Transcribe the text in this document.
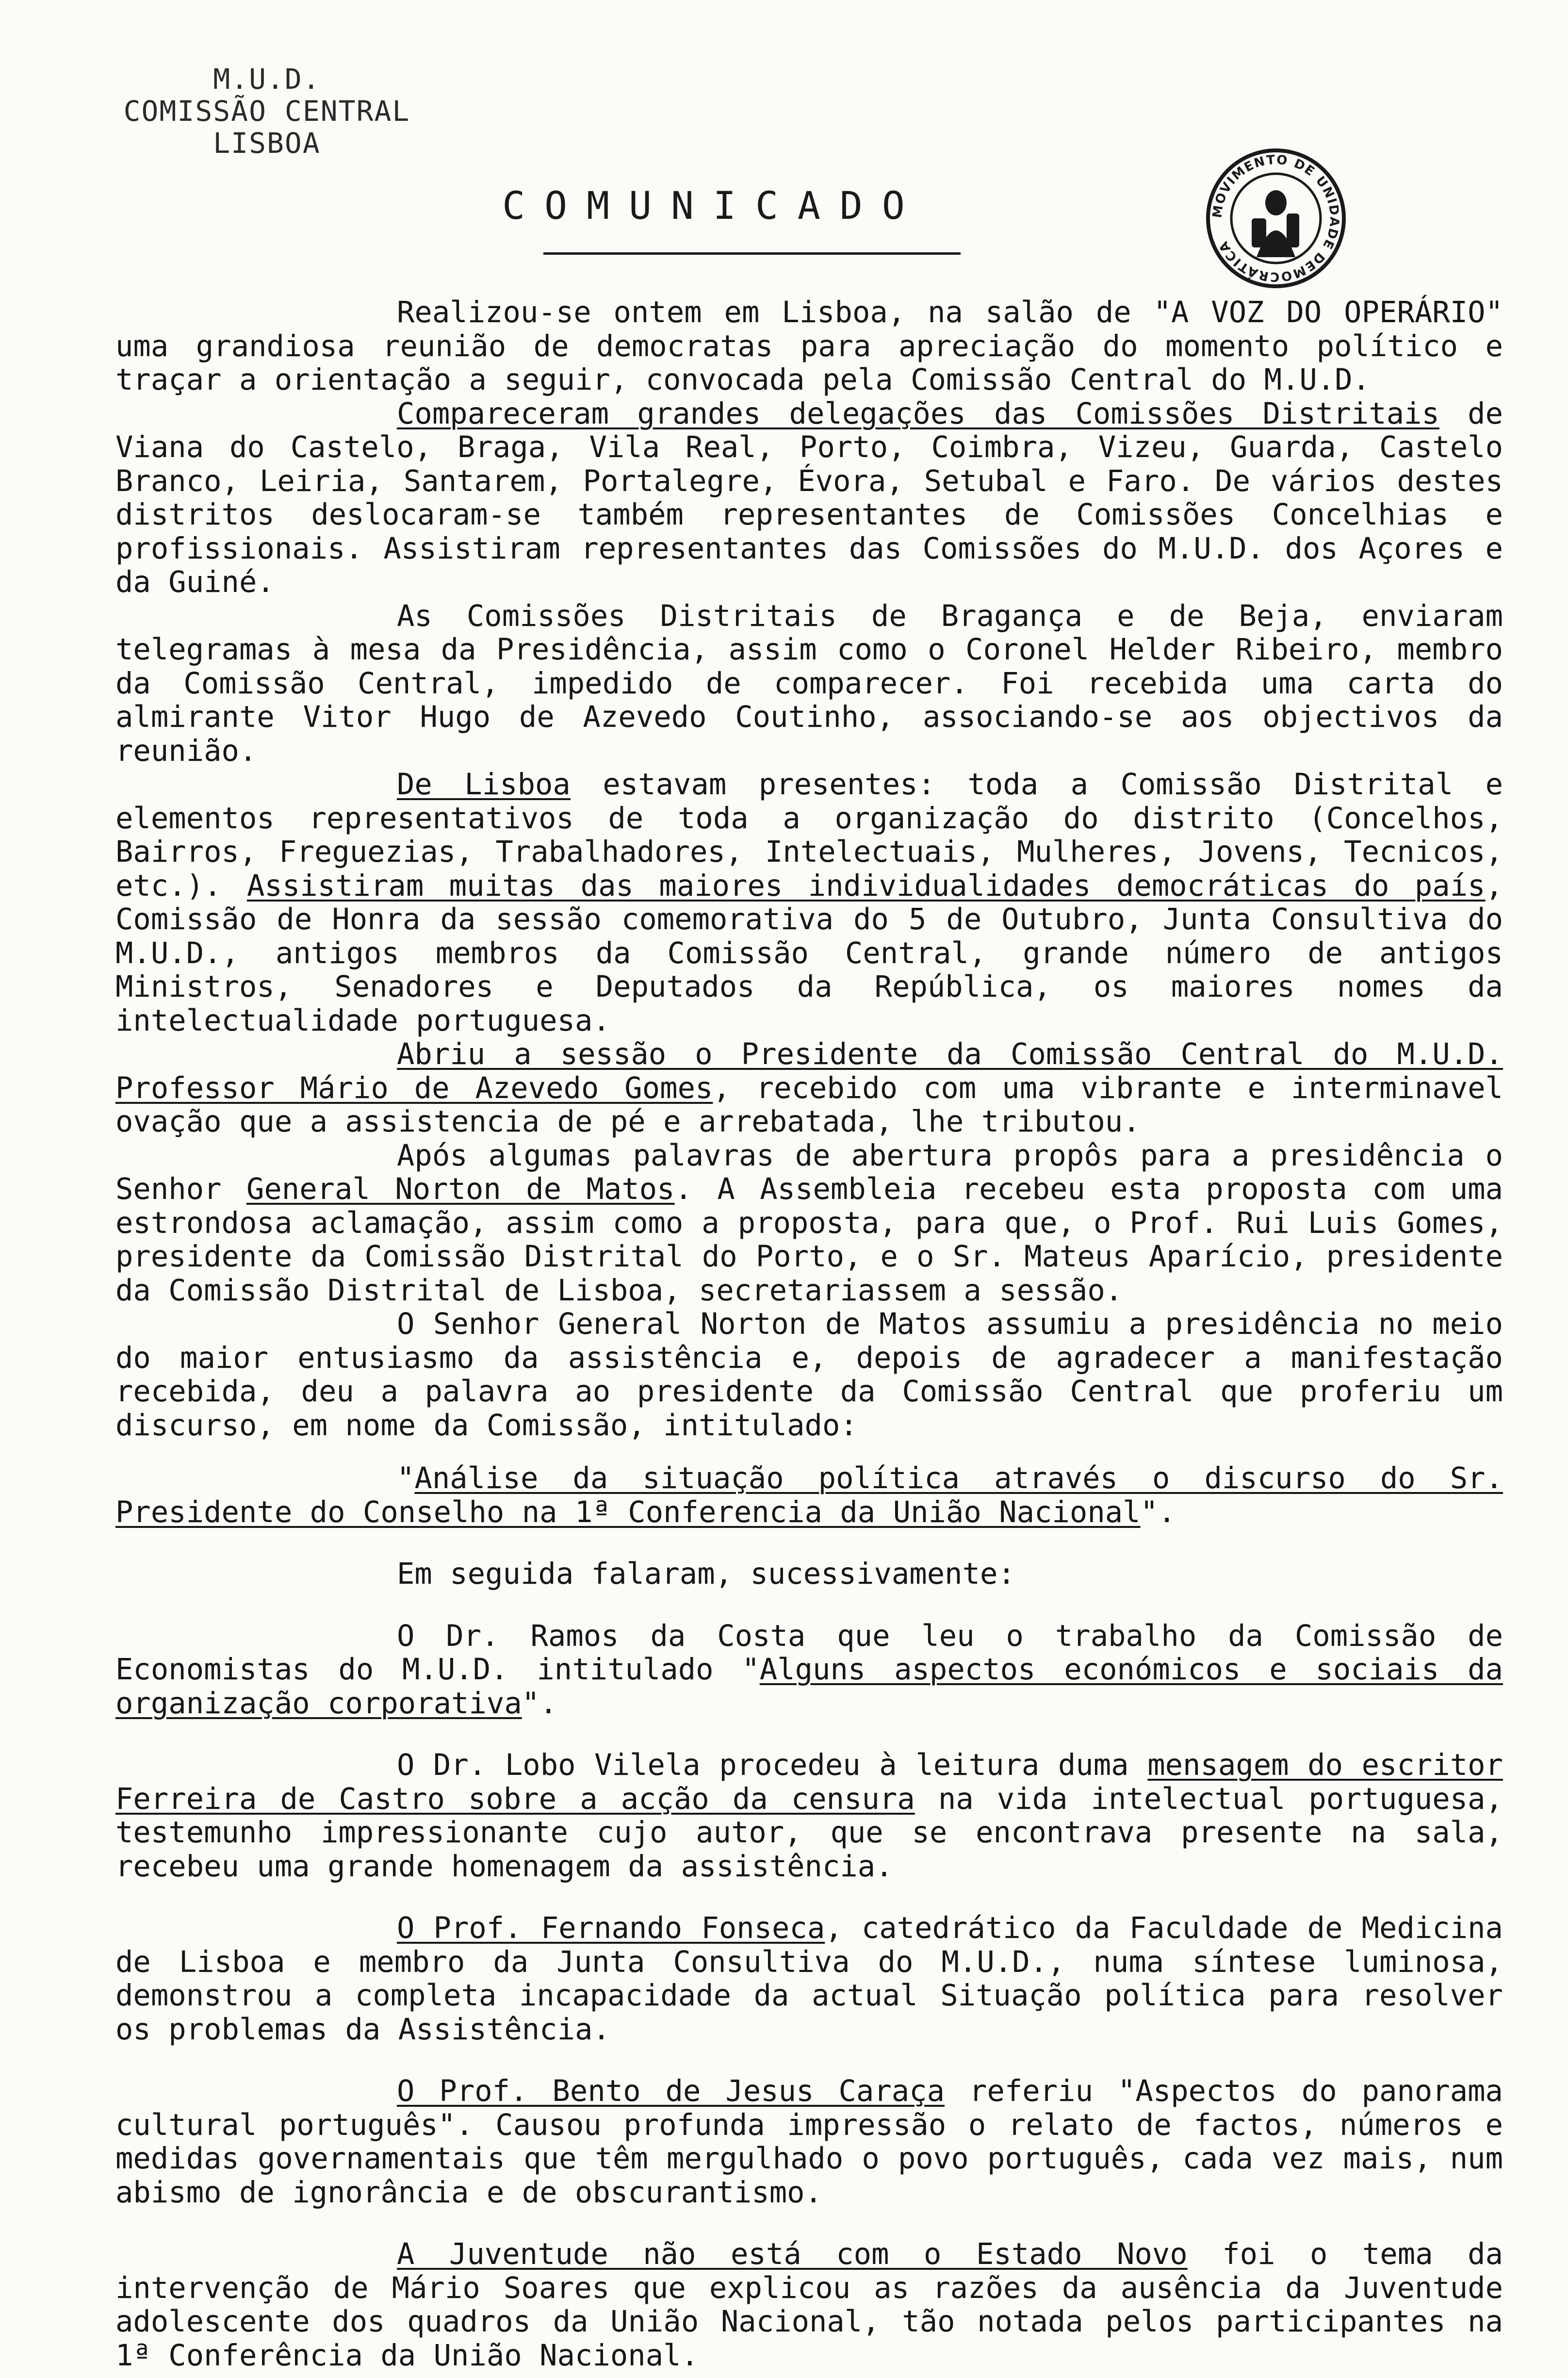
M.U.D.
COMISSÃO CENTRAL
LISBOA
COMUNICADO	MOVIMENTO DE UNIDADE DEMOCRÁTICA

Realizou-se ontem em Lisboa, na salão de "A VOZ DO OPERÁRIO" uma grandiosa reunião de democratas para apreciação do momento político e traçar a orientação a seguir, convocada pela Comissão Central do M.U.D.

Compareceram grandes delegações das Comissões Distritais de Viana do Castelo, Braga, Vila Real, Porto, Coimbra, Vizeu, Guarda, Castelo Branco, Leiria, Santarem, Portalegre, Évora, Setubal e Faro. De vários destes distritos deslocaram-se também representantes de Comissões Concelhias e profissionais. Assistiram representantes das Comissões do M.U.D. dos Açores e da Guiné.

As Comissões Distritais de Bragança e de Beja, enviaram telegramas à mesa da Presidência, assim como o Coronel Helder Ribeiro, membro da Comissão Central, impedido de comparecer. Foi recebida uma carta do almirante Vitor Hugo de Azevedo Coutinho, associando-se aos objectivos da reunião.

De Lisboa estavam presentes: toda a Comissão Distrital e elementos representativos de toda a organização do distrito (Concelhos, Bairros, Freguezias, Trabalhadores, Intelectuais, Mulheres, Jovens, Tecnicos, etc.). Assistiram muitas das maiores individualidades democráticas do país, Comissão de Honra da sessão comemorativa do 5 de Outubro, Junta Consultiva do M.U.D., antigos membros da Comissão Central, grande número de antigos Ministros, Senadores e Deputados da República, os maiores nomes da intelectualidade portuguesa.

Abriu a sessão o Presidente da Comissão Central do M.U.D. Professor Mário de Azevedo Gomes, recebido com uma vibrante e interminavel ovação que a assistencia de pé e arrebatada, lhe tributou.

Após algumas palavras de abertura propôs para a presidência o Senhor General Norton de Matos. A Assembleia recebeu esta proposta com uma estrondosa aclamação, assim como a proposta, para que, o Prof. Rui Luis Gomes, presidente da Comissão Distrital do Porto, e o Sr. Mateus Aparício, presidente da Comissão Distrital de Lisboa, secretariassem a sessão.

O Senhor General Norton de Matos assumiu a presidência no meio do maior entusiasmo da assistência e, depois de agradecer a manifestação recebida, deu a palavra ao presidente da Comissão Central que proferiu um discurso, em nome da Comissão, intitulado:

"Análise da situação política através o discurso do Sr. Presidente do Conselho na 1ª Conferencia da União Nacional".

Em seguida falaram, sucessivamente:

O Dr. Ramos da Costa que leu o trabalho da Comissão de Economistas do M.U.D. intitulado "Alguns aspectos económicos e sociais da organização corporativa".

O Dr. Lobo Vilela procedeu à leitura duma mensagem do escritor Ferreira de Castro sobre a acção da censura na vida intelectual portuguesa, testemunho impressionante cujo autor, que se encontrava presente na sala, recebeu uma grande homenagem da assistência.

O Prof. Fernando Fonseca, catedrático da Faculdade de Medicina de Lisboa e membro da Junta Consultiva do M.U.D., numa síntese luminosa, demonstrou a completa incapacidade da actual Situação política para resolver os problemas da Assistência.

O Prof. Bento de Jesus Caraça referiu "Aspectos do panorama cultural português". Causou profunda impressão o relato de factos, números e medidas governamentais que têm mergulhado o povo português, cada vez mais, num abismo de ignorância e de obscurantismo.

A Juventude não está com o Estado Novo foi o tema da intervenção de Mário Soares que explicou as razões da ausência da Juventude adolescente dos quadros da União Nacional, tão notada pelos participantes na 1ª Conferência da União Nacional.
